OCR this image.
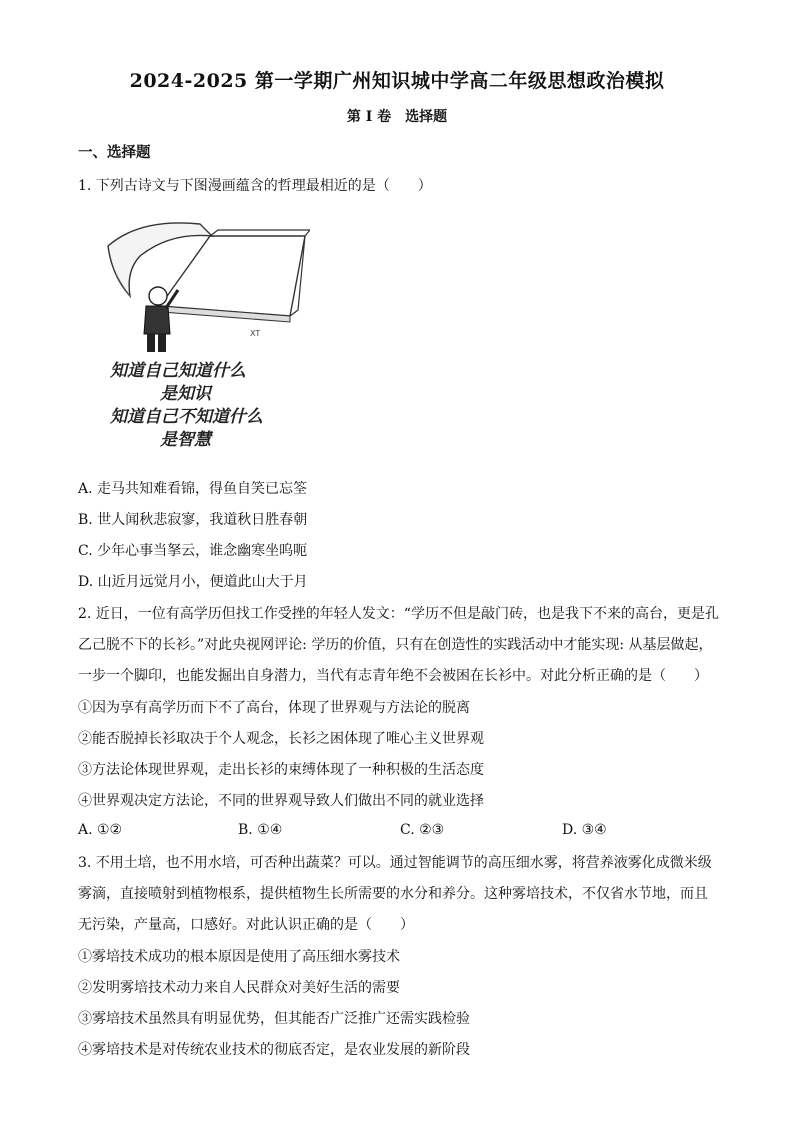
2024-2025 第一学期广州知识城中学高二年级思想政治模拟
第 I 卷　选择题
一、选择题
1. 下列古诗文与下图漫画蕴含的哲理最相近的是（　　）
XT
知道自己知道什么
是知识
知道自己不知道什么
是智慧
A. 走马共知难看锦，得鱼自笑已忘筌
B. 世人闻秋悲寂寥，我道秋日胜春朝
C. 少年心事当拏云，谁念幽寒坐呜呃
D. 山近月远觉月小，便道此山大于月
2. 近日，一位有高学历但找工作受挫的年轻人发文：“学历不但是敲门砖，也是我下不来的高台，更是孔
乙己脱不下的长衫。”对此央视网评论: 学历的价值，只有在创造性的实践活动中才能实现: 从基层做起，
一步一个脚印，也能发掘出自身潜力，当代有志青年绝不会被困在长衫中。对此分析正确的是（　　）
①因为享有高学历而下不了高台，体现了世界观与方法论的脱离
②能否脱掉长衫取决于个人观念，长衫之困体现了唯心主义世界观
③方法论体现世界观，走出长衫的束缚体现了一种积极的生活态度
④世界观决定方法论，不同的世界观导致人们做出不同的就业选择
A. ①②	B. ①④	C. ②③	D. ③④
3. 不用土培，也不用水培，可否种出蔬菜？可以。通过智能调节的高压细水雾，将营养液雾化成微米级
雾滴，直接喷射到植物根系，提供植物生长所需要的水分和养分。这种雾培技术，不仅省水节地，而且
无污染，产量高，口感好。对此认识正确的是（　　）
①雾培技术成功的根本原因是使用了高压细水雾技术
②发明雾培技术动力来自人民群众对美好生活的需要
③雾培技术虽然具有明显优势，但其能否广泛推广还需实践检验
④雾培技术是对传统农业技术的彻底否定，是农业发展的新阶段
